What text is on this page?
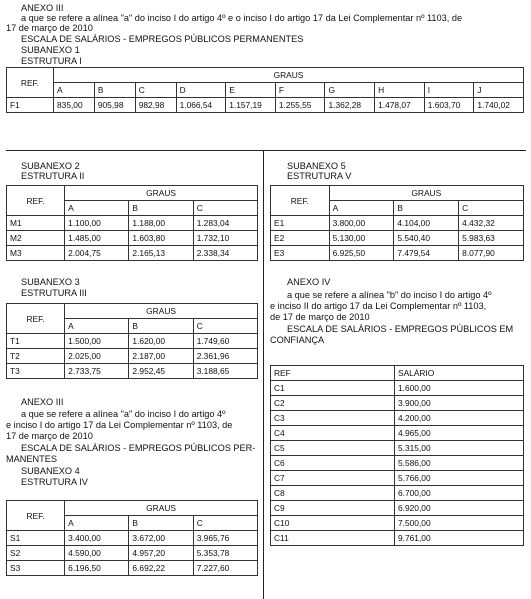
ANEXO III
a que se refere a alínea "a" do inciso I do artigo 4º e o inciso I do artigo 17 da Lei Complementar nº 1103, de
17 de março de 2010
ESCALA DE SALÁRIOS - EMPREGOS PÚBLICOS PERMANENTES
SUBANEXO 1
ESTRUTURA I
REF.	GRAUS									
	A	B	C	D	E	F	G	H	I	J
F1	835,00	905,98	982,98	1.066,54	1.157,19	1.255,55	1.362,28	1.478,07	1.603,70	1.740,02
SUBANEXO 2
ESTRUTURA II
REF.	GRAUS		
	A	B	C
M1	1.100,00	1.188,00	1.283,04
M2	1.485,00	1.603,80	1.732,10
M3	2.004,75	2.165,13	2.338,34
SUBANEXO 3
ESTRUTURA III
REF.	GRAUS		
	A	B	C
T1	1.500,00	1.620,00	1.749,60
T2	2.025,00	2.187,00	2.361,96
T3	2.733,75	2.952,45	3.188,65
ANEXO III
a que se refere a alínea "a" do inciso I do artigo 4º
e inciso I do artigo 17 da Lei Complementar nº 1103, de
17 de março de 2010
ESCALA DE SALÁRIOS - EMPREGOS PÚBLICOS PER-
MANENTES
SUBANEXO 4
ESTRUTURA IV
REF.	GRAUS		
	A	B	C
S1	3.400,00	3.672,00	3.965,76
S2	4.590,00	4.957,20	5.353,78
S3	6.196,50	6.692,22	7.227,60
SUBANEXO 5
ESTRUTURA V
REF.	GRAUS		
	A	B	C
E1	3.800,00	4.104,00	4.432,32
E2	5.130,00	5.540,40	5.983,63
E3	6.925,50	7.479,54	8.077,90
ANEXO IV
a que se refere a alínea "b" do inciso I do artigo 4º
e inciso II do artigo 17 da Lei Complementar nº 1103,
de 17 de março de 2010
ESCALA DE SALÁRIOS - EMPREGOS PÚBLICOS EM
CONFIANÇA
REF	SALÁRIO
C1	1.600,00
C2	3.900,00
C3	4.200,00
C4	4.965,00
C5	5.315,00
C6	5.586,00
C7	5.766,00
C8	6.700,00
C9	6.920,00
C10	7.500,00
C11	9.761,00
